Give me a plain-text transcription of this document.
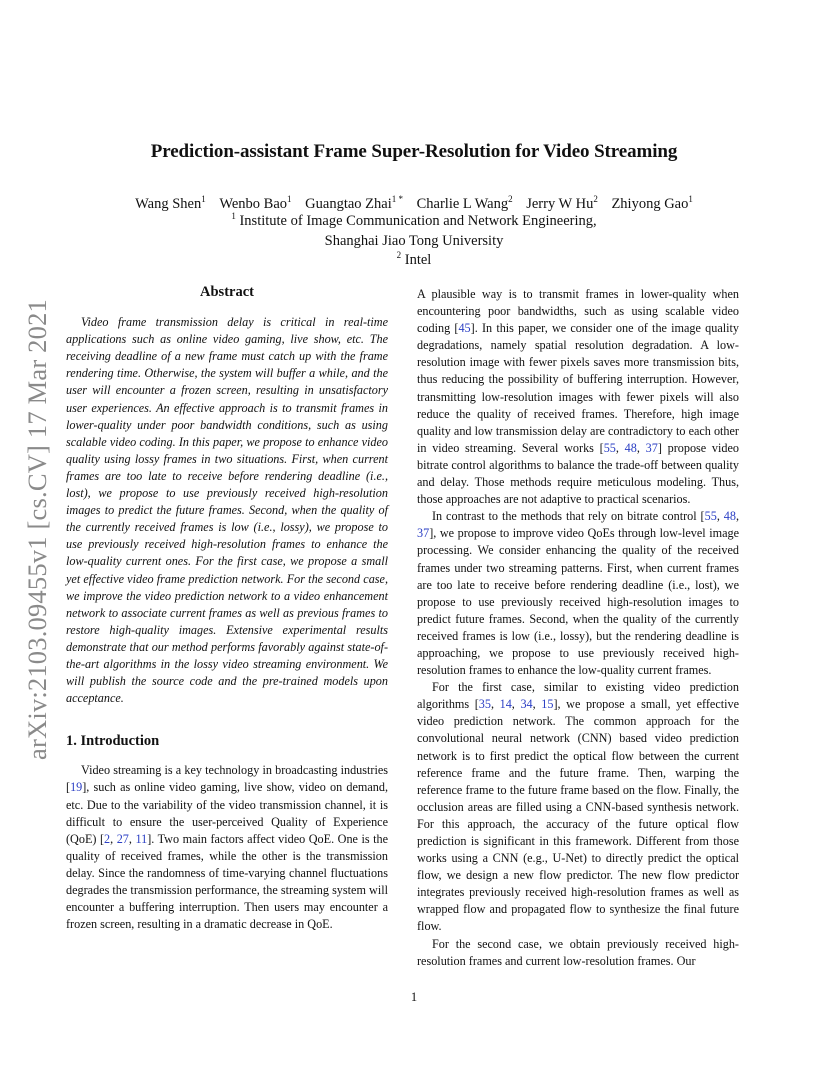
Prediction-assistant Frame Super-Resolution for Video Streaming
Wang Shen$^1$ Wenbo Bao$^1$ Guangtao Zhai$^{1 *}$ Charlie L Wang$^2$ Jerry W Hu$^2$ Zhiyong Gao$^1$
$^1$ Institute of Image Communication and Network Engineering,
Shanghai Jiao Tong University
$^2$ Intel
arXiv:2103.09455v1 [cs.CV] 17 Mar 2021
Abstract

Video frame transmission delay is critical in real-time applications such as online video gaming, live show, etc. The receiving deadline of a new frame must catch up with the frame rendering time. Otherwise, the system will buffer a while, and the user will encounter a frozen screen, resulting in unsatisfactory user experiences. An effective approach is to transmit frames in lower-quality under poor bandwidth conditions, such as using scalable video coding. In this paper, we propose to enhance video quality using lossy frames in two situations. First, when current frames are too late to receive before rendering deadline (i.e., lost), we propose to use previously received high-resolution images to predict the future frames. Second, when the quality of the currently received frames is low (i.e., lossy), we propose to use previously received high-resolution frames to enhance the low-quality current ones. For the first case, we propose a small yet effective video frame prediction network. For the second case, we improve the video prediction network to a video enhancement network to associate current frames as well as previous frames to restore high-quality images. Extensive experimental results demonstrate that our method performs favorably against state-of-the-art algorithms in the lossy video streaming environment. We will publish the source code and the pre-trained models upon acceptance.

1. Introduction

Video streaming is a key technology in broadcasting industries [19], such as online video gaming, live show, video on demand, etc. Due to the variability of the video transmission channel, it is difficult to ensure the user-perceived Quality of Experience (QoE) [2, 27, 11]. Two main factors affect video QoE. One is the quality of received frames, while the other is the transmission delay. Since the randomness of time-varying channel fluctuations degrades the transmission performance, the streaming system will encounter a buffering interruption. Then users may encounter a frozen screen, resulting in a dramatic decrease in QoE.

A plausible way is to transmit frames in lower-quality when encountering poor bandwidths, such as using scalable video coding [45]. In this paper, we consider one of the image quality degradations, namely spatial resolution degradation. A low-resolution image with fewer pixels saves more transmission bits, thus reducing the possibility of buffering interruption. However, transmitting low-resolution images with fewer pixels will also reduce the quality of received frames. Therefore, high image quality and low transmission delay are contradictory to each other in video streaming. Several works [55, 48, 37] propose video bitrate control algorithms to balance the trade-off between quality and delay. Those methods require meticulous modeling. Thus, those approaches are not adaptive to practical scenarios.

In contrast to the methods that rely on bitrate control [55, 48, 37], we propose to improve video QoEs through low-level image processing. We consider enhancing the quality of the received frames under two streaming patterns. First, when current frames are too late to receive before rendering deadline (i.e., lost), we propose to use previously received high-resolution images to predict future frames. Second, when the quality of the currently received frames is low (i.e., lossy), but the rendering deadline is approaching, we propose to use previously received high-resolution frames to enhance the low-quality current frames.

For the first case, similar to existing video prediction algorithms [35, 14, 34, 15], we propose a small, yet effective video prediction network. The common approach for the convolutional neural network (CNN) based video prediction network is to first predict the optical flow between the current reference frame and the future frame. Then, warping the reference frame to the future frame based on the flow. Finally, the occlusion areas are filled using a CNN-based synthesis network. For this approach, the accuracy of the future optical flow prediction is significant in this framework. Different from those works using a CNN (e.g., U-Net) to directly predict the optical flow, we design a new flow predictor. The new flow predictor integrates previously received high-resolution frames as well as wrapped flow and propagated flow to synthesize the final future flow.

For the second case, we obtain previously received high-resolution frames and current low-resolution frames. Our

1
